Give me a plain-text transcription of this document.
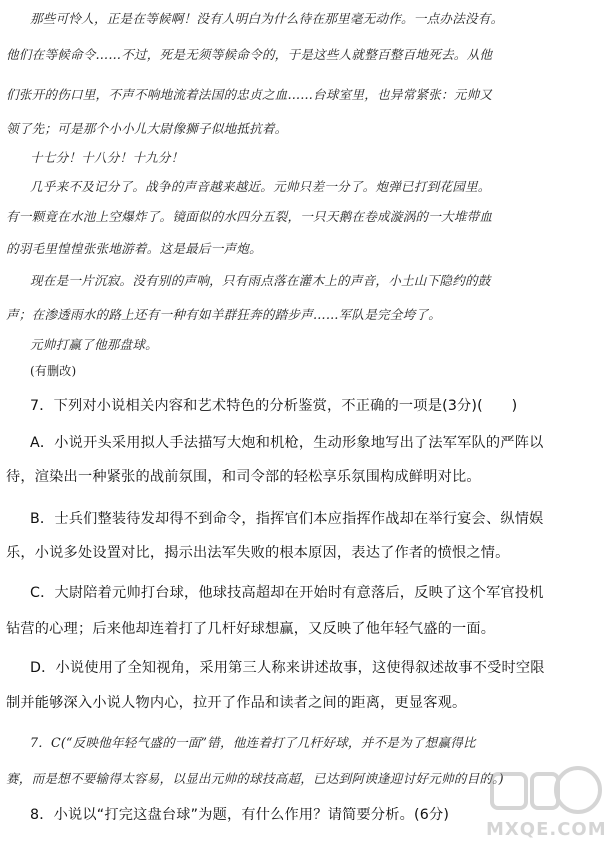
那些可怜人，正是在等候啊！没有人明白为什么待在那里毫无动作。一点办法没有。
他们在等候命令……不过，死是无须等候命令的，于是这些人就整百整百地死去。从他
们张开的伤口里，不声不响地流着法国的忠贞之血……台球室里，也异常紧张：元帅又
领了先；可是那个小小儿大尉像狮子似地抵抗着。
十七分！十八分！十九分！
几乎来不及记分了。战争的声音越来越近。元帅只差一分了。炮弹已打到花园里。
有一颗竟在水池上空爆炸了。镜面似的水四分五裂，一只天鹅在卷成漩涡的一大堆带血
的羽毛里惶惶张张地游着。这是最后一声炮。
现在是一片沉寂。没有别的声响，只有雨点落在灌木上的声音，小土山下隐约的鼓
声；在渗透雨水的路上还有一种有如羊群狂奔的踏步声……军队是完全垮了。
元帅打赢了他那盘球。
(有删改)
7．下列对小说相关内容和艺术特色的分析鉴赏，不正确的一项是(3分)(　　)
A．小说开头采用拟人手法描写大炮和机枪，生动形象地写出了法军军队的严阵以
待，渲染出一种紧张的战前氛围，和司令部的轻松享乐氛围构成鲜明对比。
B．士兵们整装待发却得不到命令，指挥官们本应指挥作战却在举行宴会、纵情娱
乐，小说多处设置对比，揭示出法军失败的根本原因，表达了作者的愤恨之情。
C．大尉陪着元帅打台球，他球技高超却在开始时有意落后，反映了这个军官投机
钻营的心理；后来他却连着打了几杆好球想赢，又反映了他年轻气盛的一面。
D．小说使用了全知视角，采用第三人称来讲述故事，这使得叙述故事不受时空限
制并能够深入小说人物内心，拉开了作品和读者之间的距离，更显客观。
7．C(“反映他年轻气盛的一面”错，他连着打了几杆好球，并不是为了想赢得比
赛，而是想不要输得太容易，以显出元帅的球技高超，已达到阿谀逢迎讨好元帅的目的。)
8．小说以“打完这盘台球”为题，有什么作用？请简要分析。(6分)
MXQE.COM
